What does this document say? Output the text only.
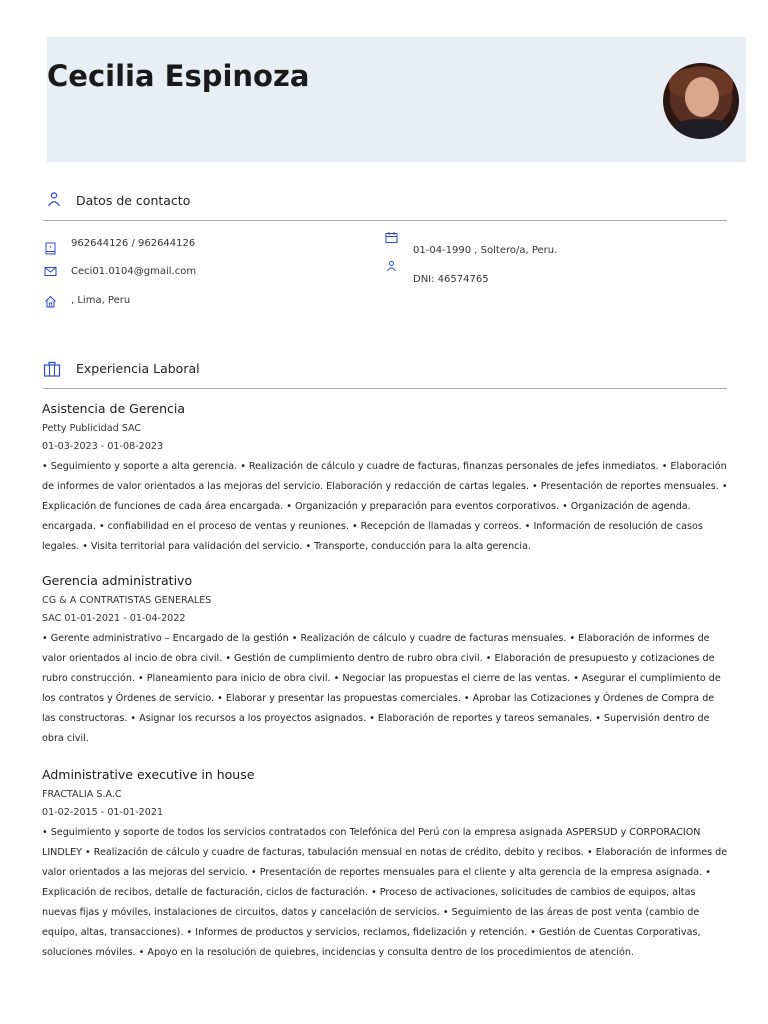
Cecilia Espinoza
Datos de contacto
962644126 / 962644126
Ceci01.0104@gmail.com
, Lima, Peru
01-04-1990 , Soltero/a, Peru.
DNI: 46574765
Experiencia Laboral
Asistencia de Gerencia
Petty Publicidad SAC
01-03-2023 - 01-08-2023
• Seguimiento y soporte a alta gerencia. • Realización de cálculo y cuadre de facturas, finanzas personales de jefes inmediatos. • Elaboración de informes de valor orientados a las mejoras del servicio. Elaboración y redacción de cartas legales. • Presentación de reportes mensuales. • Explicación de funciones de cada área encargada. • Organización y preparación para eventos corporativos. • Organización de agenda. encargada. • confiabilidad en el proceso de ventas y reuniones. • Recepción de llamadas y correos. • Información de resolución de casos legales. • Visita territorial para validación del servicio. • Transporte, conducción para la alta gerencia.
Gerencia administrativo
CG & A CONTRATISTAS GENERALES
SAC 01-01-2021 - 01-04-2022
• Gerente administrativo – Encargado de la gestión • Realización de cálculo y cuadre de facturas mensuales. • Elaboración de informes de valor orientados al incio de obra civil. • Gestión de cumplimiento dentro de rubro obra civil. • Elaboración de presupuesto y cotizaciones de rubro construcción. • Planeamiento para inicio de obra civil. • Negociar las propuestas el cierre de las ventas. • Asegurar el cumplimiento de los contratos y Órdenes de servicio. • Elaborar y presentar las propuestas comerciales. • Aprobar las Cotizaciones y Órdenes de Compra de las constructoras. • Asignar los recursos a los proyectos asignados. • Elaboración de reportes y tareos semanales. • Supervisión dentro de obra civil.
Administrative executive in house
FRACTALIA S.A.C
01-02-2015 - 01-01-2021
• Seguimiento y soporte de todos los servicios contratados con Telefónica del Perú con la empresa asignada ASPERSUD y CORPORACION LINDLEY • Realización de cálculo y cuadre de facturas, tabulación mensual en notas de crédito, debito y recibos. • Elaboración de informes de valor orientados a las mejoras del servicio. • Presentación de reportes mensuales para el cliente y alta gerencia de la empresa asignada. • Explicación de recibos, detalle de facturación, ciclos de facturación. • Proceso de activaciones, solicitudes de cambios de equipos, altas nuevas fijas y móviles, instalaciones de circuitos, datos y cancelación de servicios. • Seguimiento de las áreas de post venta (cambio de equipo, altas, transacciones). • Informes de productos y servicios, reclamos, fidelización y retención. • Gestión de Cuentas Corporativas, soluciones móviles. • Apoyo en la resolución de quiebres, incidencias y consulta dentro de los procedimientos de atención.
